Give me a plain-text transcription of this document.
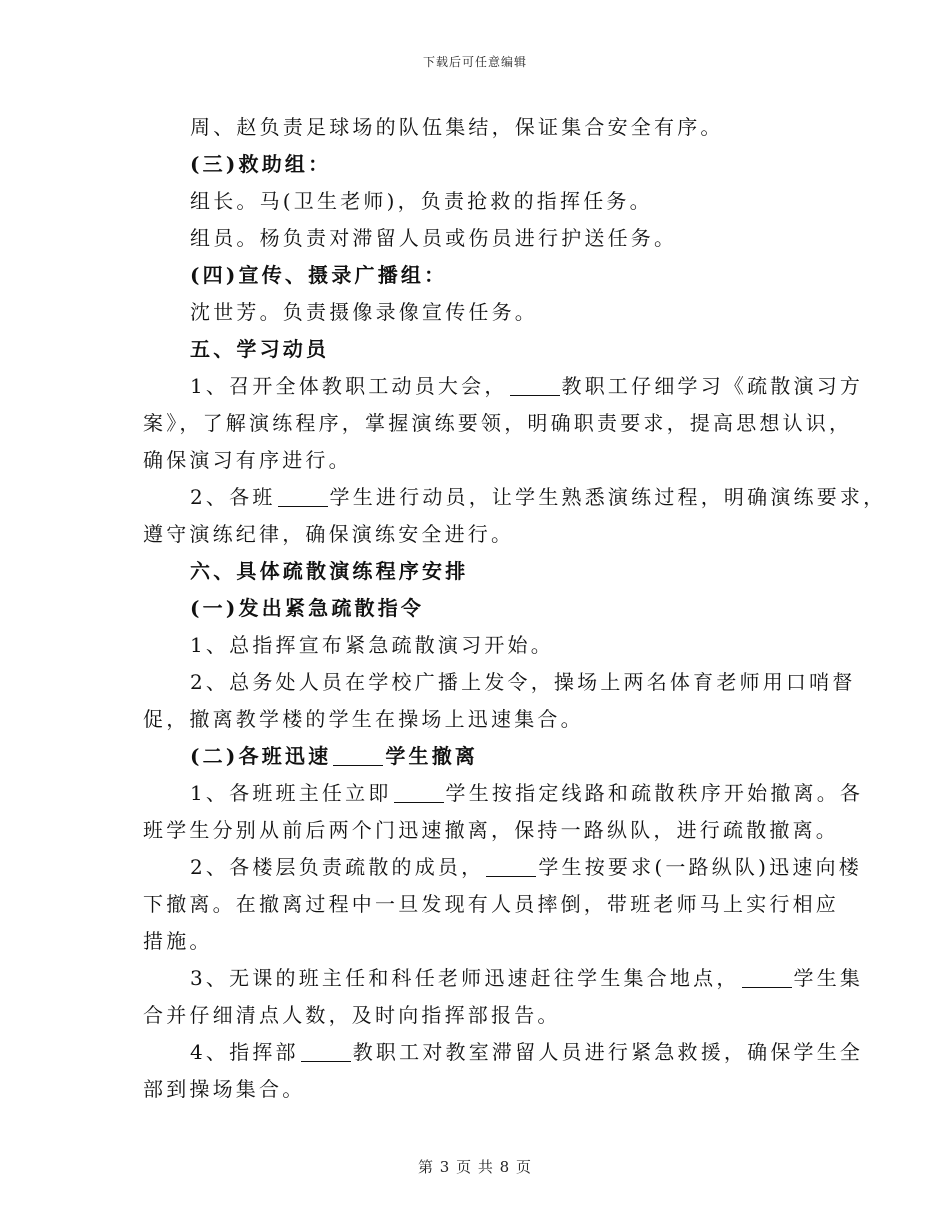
下载后可任意编辑
周、赵负责足球场的队伍集结，保证集合安全有序。
(三)救助组：
组长。马(卫生老师)，负责抢救的指挥任务。
组员。杨负责对滞留人员或伤员进行护送任务。
(四)宣传、摄录广播组：
沈世芳。负责摄像录像宣传任务。
五、学习动员
1、召开全体教职工动员大会，	教职工仔细学习《疏散演习方
案》，了解演练程序，掌握演练要领，明确职责要求，提高思想认识，
确保演习有序进行。
2、各班	学生进行动员，让学生熟悉演练过程，明确演练要求，
遵守演练纪律，确保演练安全进行。
六、具体疏散演练程序安排
(一)发出紧急疏散指令
1、总指挥宣布紧急疏散演习开始。
2、总务处人员在学校广播上发令，操场上两名体育老师用口哨督
促，撤离教学楼的学生在操场上迅速集合。
(二)各班迅速	学生撤离
1、各班班主任立即	学生按指定线路和疏散秩序开始撤离。各
班学生分别从前后两个门迅速撤离，保持一路纵队，进行疏散撤离。
2、各楼层负责疏散的成员，	学生按要求(一路纵队)迅速向楼
下撤离。在撤离过程中一旦发现有人员摔倒，带班老师马上实行相应
措施。
3、无课的班主任和科任老师迅速赶往学生集合地点，	学生集
合并仔细清点人数，及时向指挥部报告。
4、指挥部	教职工对教室滞留人员进行紧急救援，确保学生全
部到操场集合。
第 3 页 共 8 页
